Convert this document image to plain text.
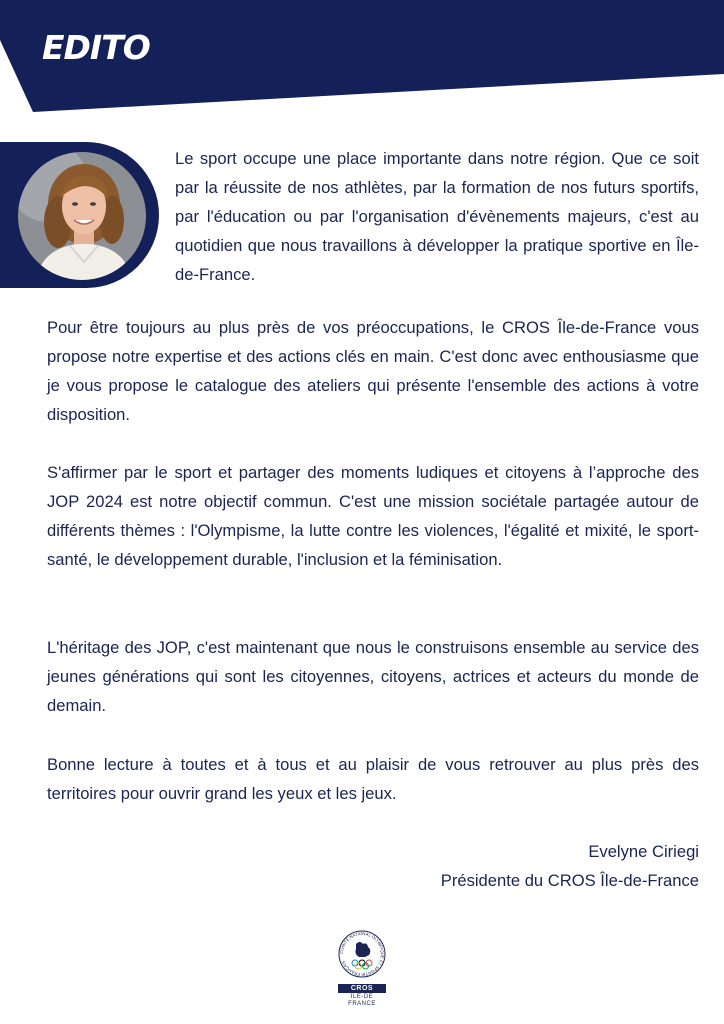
EDITO

Le sport occupe une place importante dans notre région. Que ce soit par la réussite de nos athlètes, par la formation de nos futurs sportifs, par l'éducation ou par l'organisation d'évènements majeurs, c'est au quotidien que nous travaillons à développer la pratique sportive en Île-de-France.

Pour être toujours au plus près de vos préoccupations, le CROS Île-de-France vous propose notre expertise et des actions clés en main. C'est donc avec enthousiasme que je vous propose le catalogue des ateliers qui présente l'ensemble des actions à votre disposition.

S'affirmer par le sport et partager des moments ludiques et citoyens à l’approche des JOP 2024 est notre objectif commun. C'est une mission sociétale partagée autour de différents thèmes : l'Olympisme, la lutte contre les violences, l'égalité et mixité, le sport-santé, le développement durable, l'inclusion et la féminisation.

L'héritage des JOP, c'est maintenant que nous le construisons ensemble au service des jeunes générations qui sont les citoyennes, citoyens, actrices et acteurs du monde de demain.

Bonne lecture à toutes et à tous et au plaisir de vous retrouver au plus près des territoires pour ouvrir grand les yeux et les jeux.

Evelyne Ciriegi
Présidente du CROS Île-de-France
COMITÉ NATIONAL OLYMPIQUE ET SPORTIF FRANÇAIS
CROS
ÎLE-DE
FRANCE
